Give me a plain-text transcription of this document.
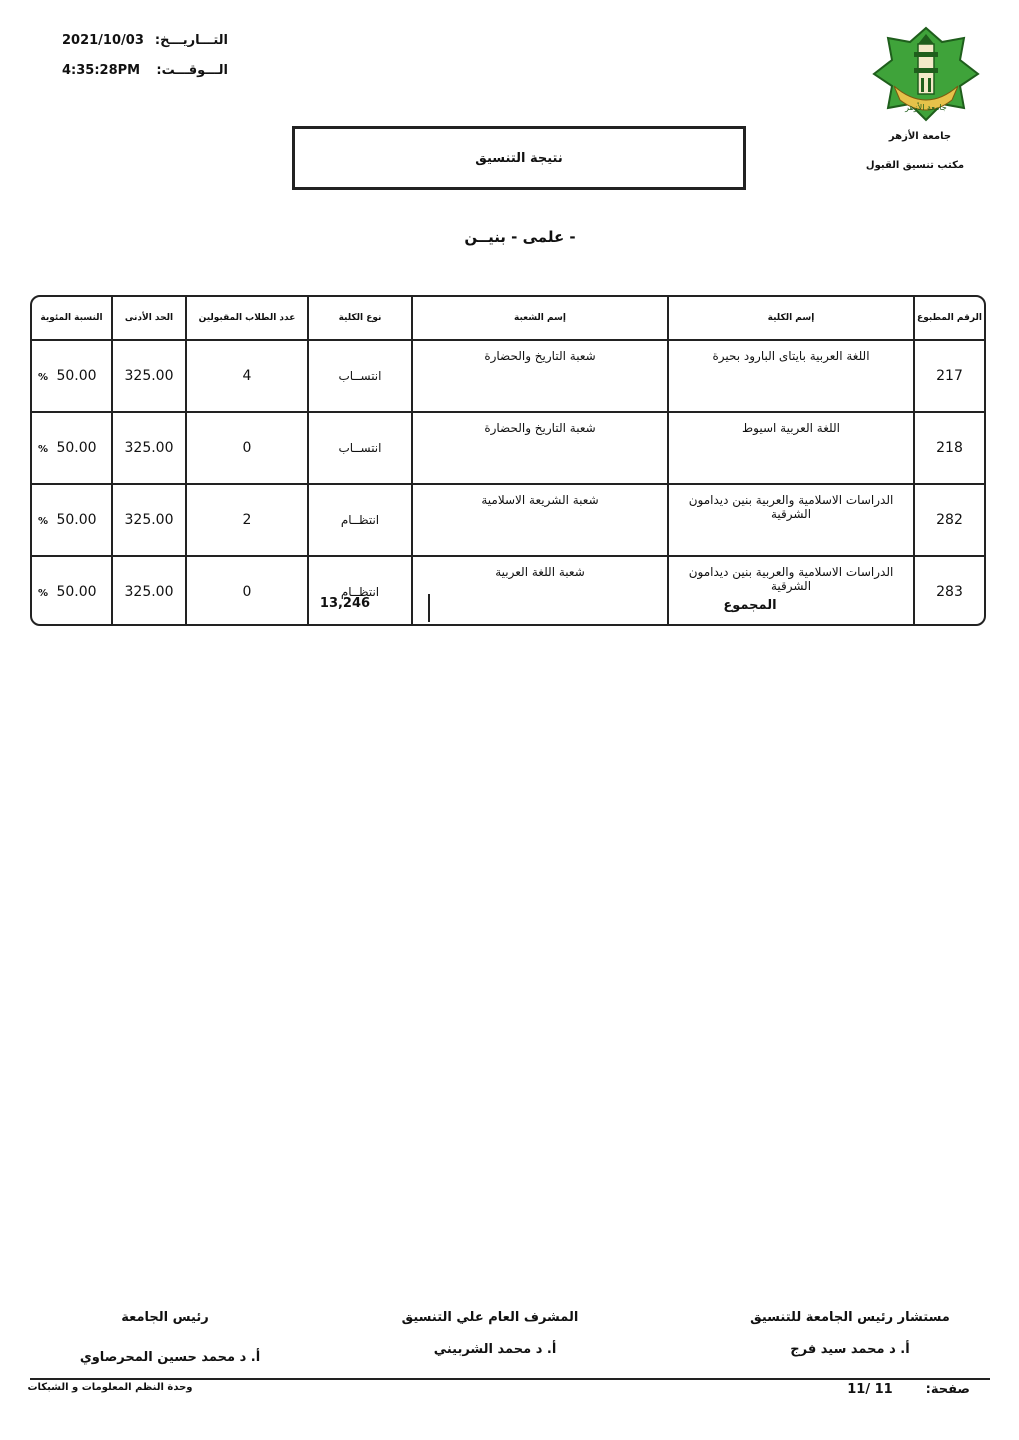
2021/10/03 التـــاريـــخ:
4:35:28PM	الـــوقـــت:
جامعة الأزهر
جامعة الأزهر
مكتب تنسيق القبول
نتيجة التنسيق
- علمى - بنيــن
الرقم المطبوع	إسم الكلية	إسم الشعبة	نوع الكلية	عدد الطلاب المقبولين	الحد الأدنى	النسبة المئوية
217	اللغة العربية بايتاى البارود بحيرة	شعبة التاريخ والحضارة	انتســاب	4	325.00	50.00
%

218	اللغة العربية اسيوط	شعبة التاريخ والحضارة	انتســاب	0	325.00	50.00
%

282	الدراسات الاسلامية والعربية بنين ديدامون الشرقية	شعبة الشريعة الاسلامية	انتظــام	2	325.00	50.00
%

283	الدراسات الاسلامية والعربية بنين ديدامون الشرقية	شعبة اللغة العربية	انتظــام	0	325.00	50.00
%
المجموع
13,246
مستشار رئيس الجامعة للتنسيق
أ. د محمد سيد فرج
المشرف العام علي التنسيق
أ. د محمد الشربيني
رئيس الجامعة
أ. د محمد حسين المحرصاوي
صفحة:
11/ 11
وحدة النظم المعلومات و الشبكات
